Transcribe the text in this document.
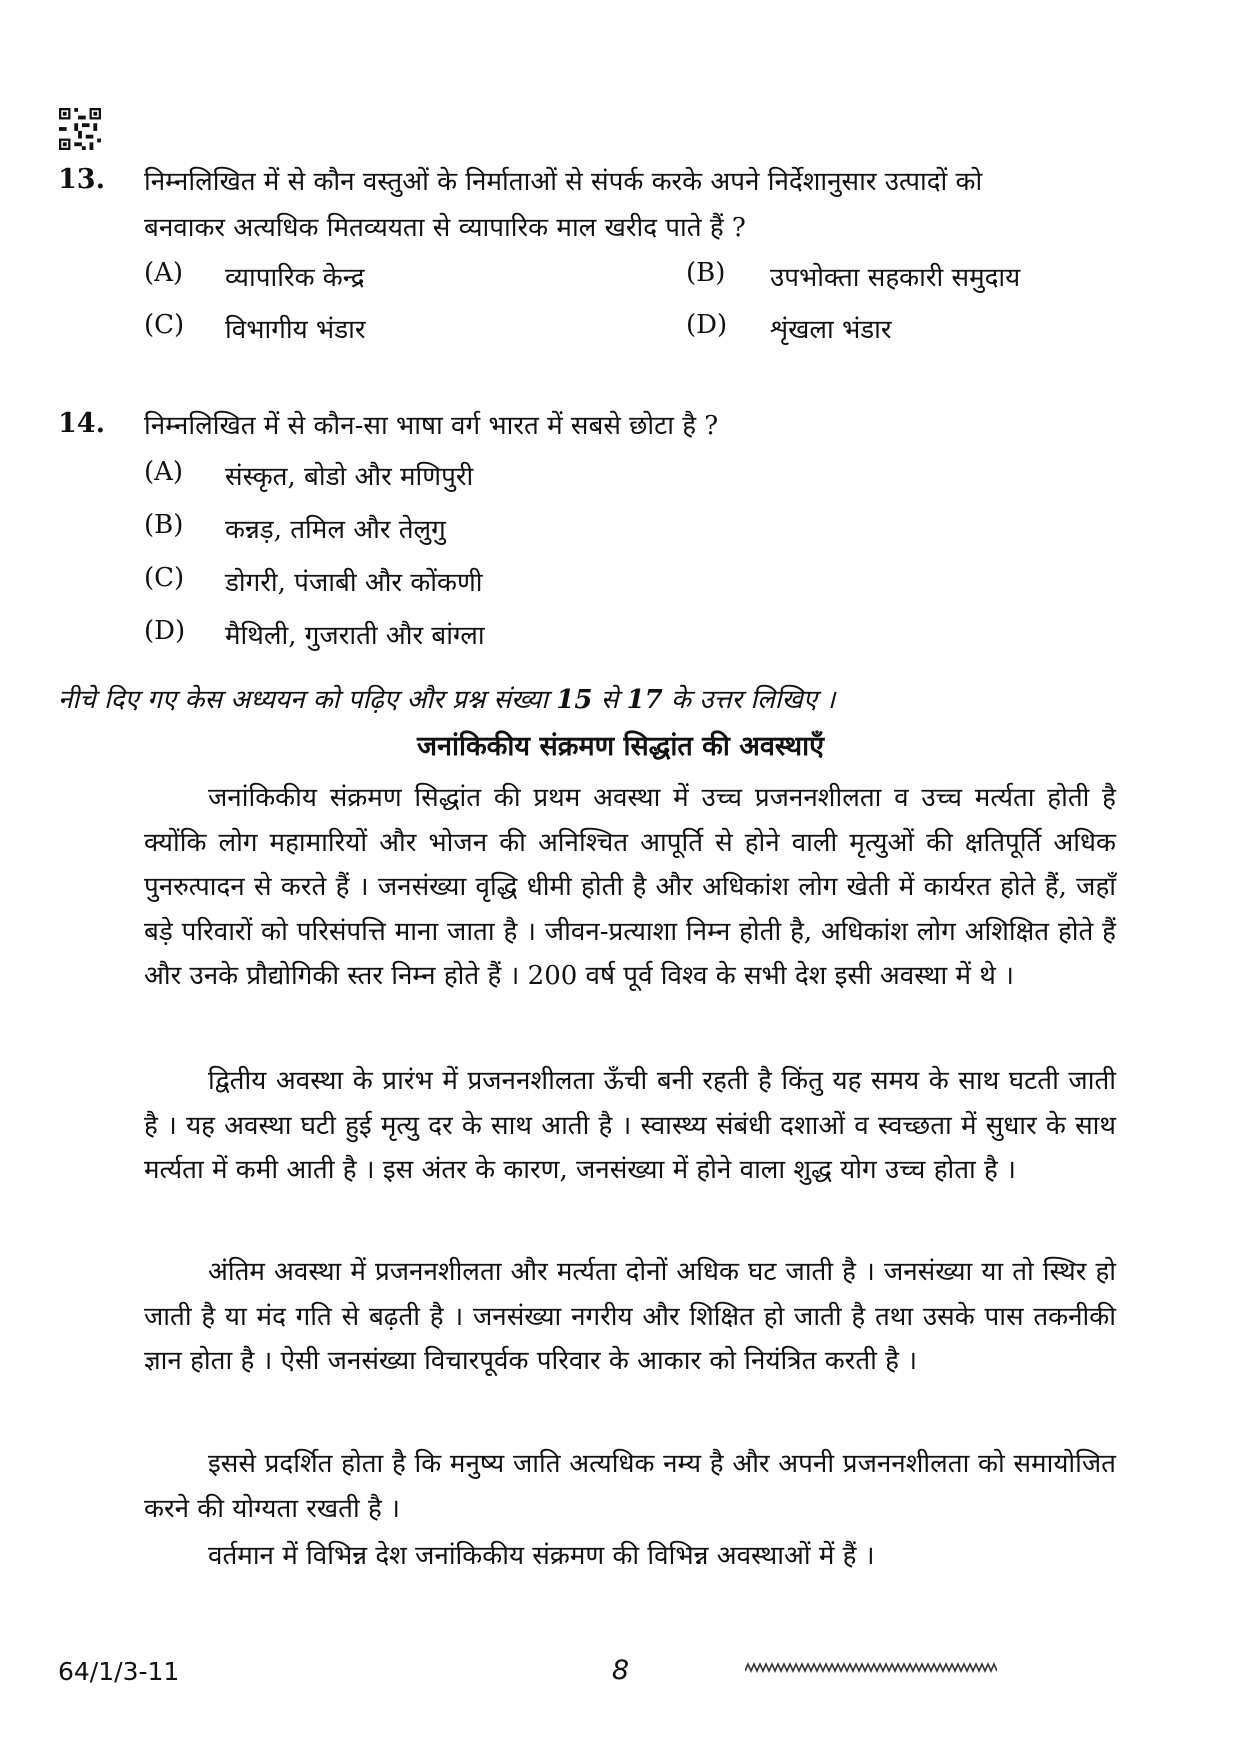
13. निम्नलिखित में से कौन वस्तुओं के निर्माताओं से संपर्क करके अपने निर्देशानुसार उत्पादों को
बनवाकर अत्यधिक मितव्ययता से व्यापारिक माल खरीद पाते हैं ?
(A) व्यापारिक केन्द्र	(B) उपभोक्ता सहकारी समुदाय
(C) विभागीय भंडार	(D) शृंखला भंडार
14. निम्नलिखित में से कौन-सा भाषा वर्ग भारत में सबसे छोटा है ?
(A) संस्कृत, बोडो और मणिपुरी
(B) कन्नड़, तमिल और तेलुगु
(C) डोगरी, पंजाबी और कोंकणी
(D) मैथिली, गुजराती और बांग्ला
नीचे दिए गए केस अध्ययन को पढ़िए और प्रश्न संख्या 15 से 17 के उत्तर लिखिए ।
जनांकिकीय संक्रमण सिद्धांत की अवस्थाएँ
जनांकिकीय संक्रमण सिद्धांत की प्रथम अवस्था में उच्च प्रजननशीलता व उच्च मर्त्यता होती है क्योंकि लोग महामारियों और भोजन की अनिश्चित आपूर्ति से होने वाली मृत्युओं की क्षतिपूर्ति अधिक पुनरुत्पादन से करते हैं । जनसंख्या वृद्धि धीमी होती है और अधिकांश लोग खेती में कार्यरत होते हैं, जहाँ बड़े परिवारों को परिसंपत्ति माना जाता है । जीवन-प्रत्याशा निम्न होती है, अधिकांश लोग अशिक्षित होते हैं और उनके प्रौद्योगिकी स्तर निम्न होते हैं । 200 वर्ष पूर्व विश्व के सभी देश इसी अवस्था में थे ।
द्वितीय अवस्था के प्रारंभ में प्रजननशीलता ऊँची बनी रहती है किंतु यह समय के साथ घटती जाती है । यह अवस्था घटी हुई मृत्यु दर के साथ आती है । स्वास्थ्य संबंधी दशाओं व स्वच्छता में सुधार के साथ मर्त्यता में कमी आती है । इस अंतर के कारण, जनसंख्या में होने वाला शुद्ध योग उच्च होता है ।
अंतिम अवस्था में प्रजननशीलता और मर्त्यता दोनों अधिक घट जाती है । जनसंख्या या तो स्थिर हो जाती है या मंद गति से बढ़ती है । जनसंख्या नगरीय और शिक्षित हो जाती है तथा उसके पास तकनीकी ज्ञान होता है । ऐसी जनसंख्या विचारपूर्वक परिवार के आकार को नियंत्रित करती है ।
इससे प्रदर्शित होता है कि मनुष्य जाति अत्यधिक नम्य है और अपनी प्रजननशीलता को समायोजित करने की योग्यता रखती है ।
वर्तमान में विभिन्न देश जनांकिकीय संक्रमण की विभिन्न अवस्थाओं में हैं ।
64/1/3-11	8
